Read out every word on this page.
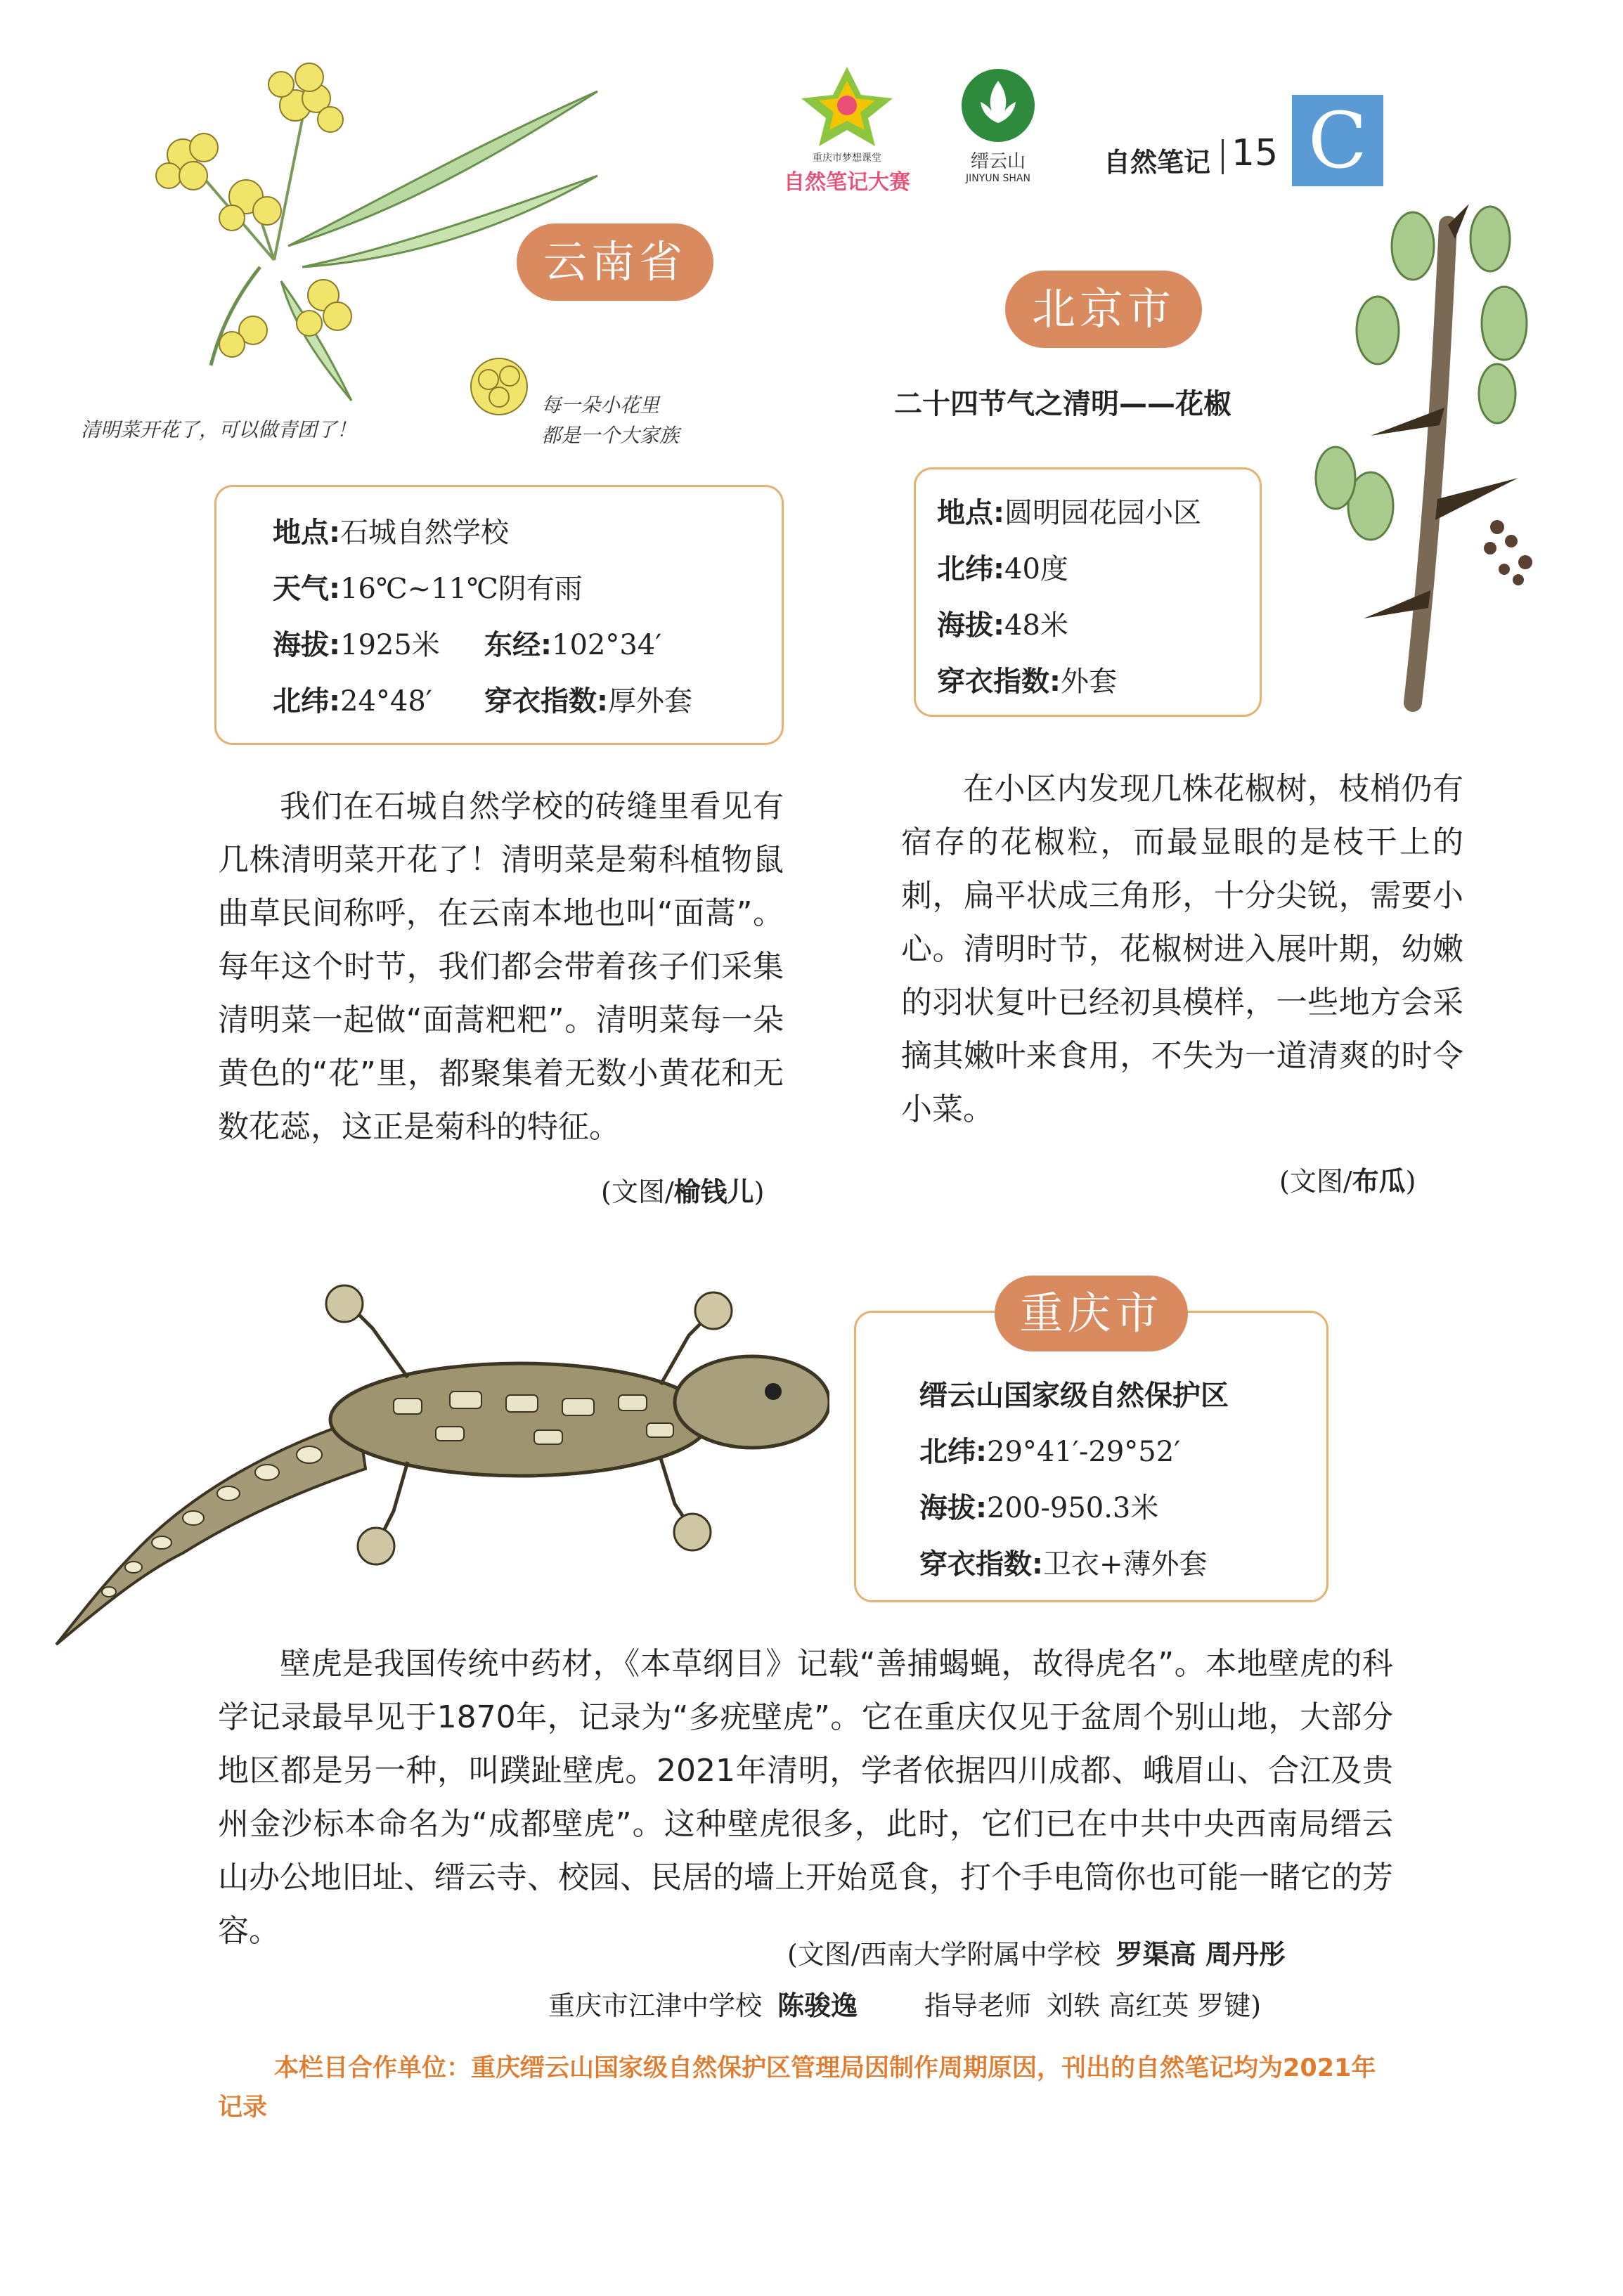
重庆市梦想课堂
自然笔记大赛
缙云山
JINYUN SHAN
自然笔记 15 C
清明菜开花了，可以做青团了！
每一朵小花里
都是一个大家族
云南省
地点:石城自然学校
天气:16℃~11℃阴有雨
海拔:1925米 东经:102°34′
北纬:24°48′ 穿衣指数:厚外套
我们在石城自然学校的砖缝里看见有几株清明菜开花了！清明菜是菊科植物鼠曲草民间称呼，在云南本地也叫“面蒿”。每年这个时节，我们都会带着孩子们采集清明菜一起做“面蒿粑粑”。清明菜每一朵黄色的“花”里，都聚集着无数小黄花和无数花蕊，这正是菊科的特征。
(文图/榆钱儿)
北京市
二十四节气之清明——花椒
地点:圆明园花园小区
北纬:40度
海拔:48米
穿衣指数:外套
在小区内发现几株花椒树，枝梢仍有宿存的花椒粒，而最显眼的是枝干上的刺，扁平状成三角形，十分尖锐，需要小心。清明时节，花椒树进入展叶期，幼嫩的羽状复叶已经初具模样，一些地方会采摘其嫩叶来食用，不失为一道清爽的时令小菜。
(文图/布瓜)
缙云山国家级自然保护区
北纬:29°41′-29°52′
海拔:200-950.3米
穿衣指数:卫衣+薄外套
重庆市
壁虎是我国传统中药材，《本草纲目》记载“善捕蝎蝇，故得虎名”。本地壁虎的科学记录最早见于1870年，记录为“多疣壁虎”。它在重庆仅见于盆周个别山地，大部分地区都是另一种，叫蹼趾壁虎。2021年清明，学者依据四川成都、峨眉山、合江及贵州金沙标本命名为“成都壁虎”。这种壁虎很多，此时，它们已在中共中央西南局缙云山办公地旧址、缙云寺、校园、民居的墙上开始觅食，打个手电筒你也可能一睹它的芳容。
(文图/西南大学附属中学校 罗渠高 周丹彤
重庆市江津中学校 陈骏逸	指导老师 刘轶 高红英 罗键)
本栏目合作单位：重庆缙云山国家级自然保护区管理局因制作周期原因，刊出的自然笔记均为2021年记录
